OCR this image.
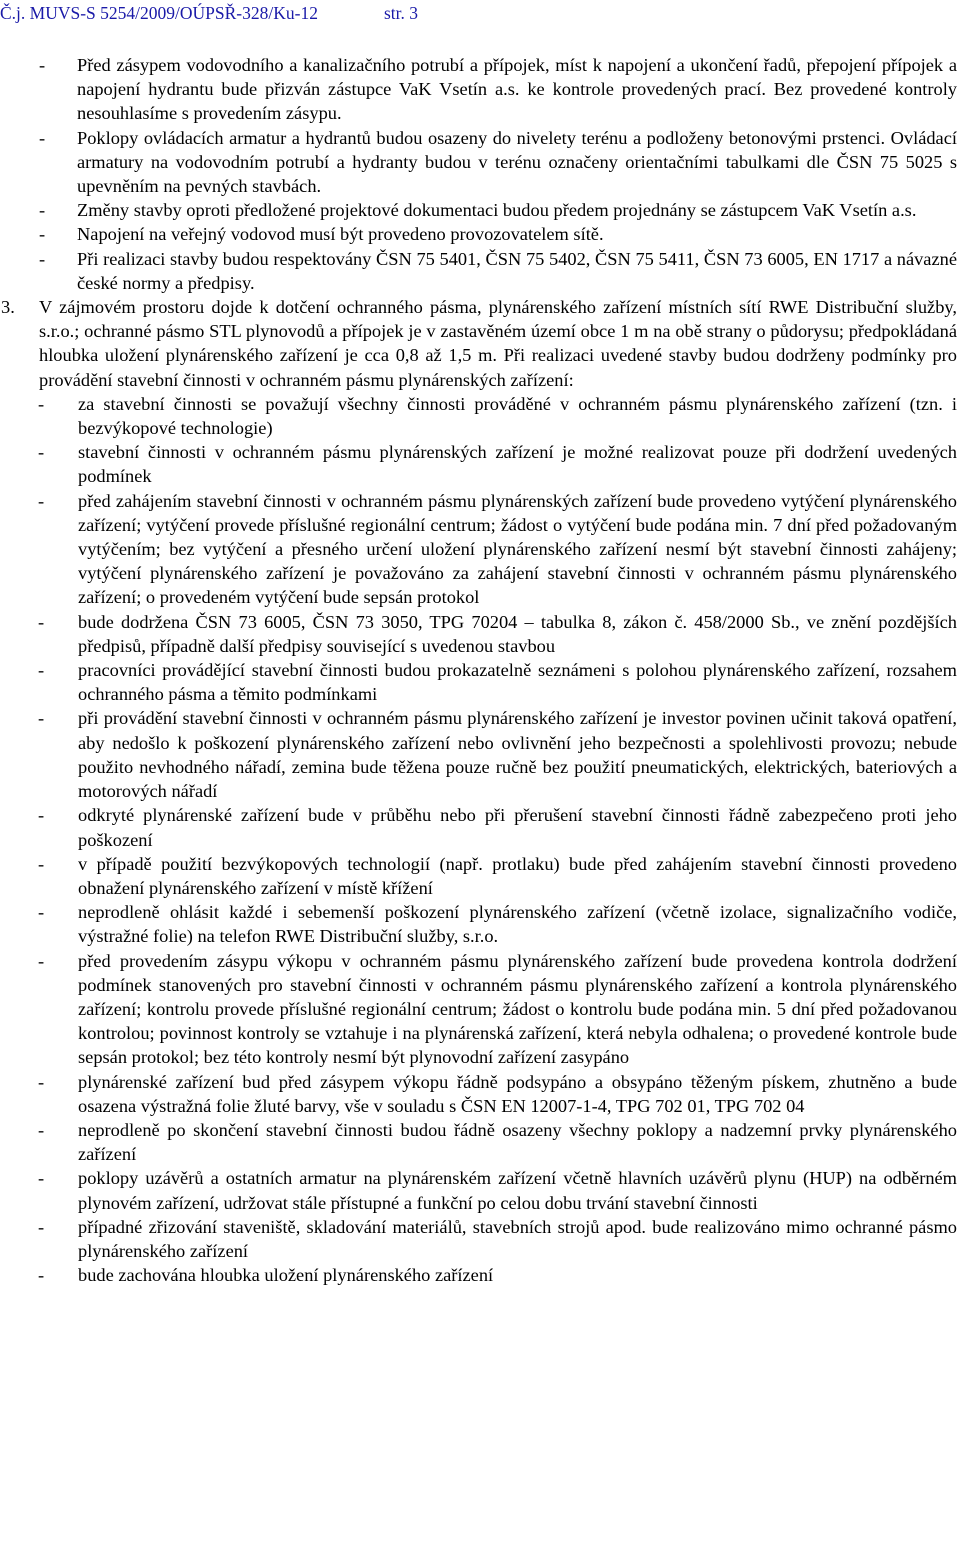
Č.j. MUVS-S 5254/2009/OÚPSŘ-328/Ku-12	str. 3
- Před zásypem vodovodního a kanalizačního potrubí a přípojek, míst k napojení a ukončení řadů, přepojení přípojek a napojení hydrantu bude přizván zástupce VaK Vsetín a.s. ke kontrole provedených prací. Bez provedené kontroly nesouhlasíme s provedením zásypu.
- Poklopy ovládacích armatur a hydrantů budou osazeny do nivelety terénu a podloženy betonovými prstenci. Ovládací armatury na vodovodním potrubí a hydranty budou v terénu označeny orientačními tabulkami dle ČSN 75 5025 s upevněním na pevných stavbách.
- Změny stavby oproti předložené projektové dokumentaci budou předem projednány se zástupcem VaK Vsetín a.s.
- Napojení na veřejný vodovod musí být provedeno provozovatelem sítě.
- Při realizaci stavby budou respektovány ČSN 75 5401, ČSN 75 5402, ČSN 75 5411, ČSN 73 6005, EN 1717 a návazné české normy a předpisy.
3. V zájmovém prostoru dojde k dotčení ochranného pásma, plynárenského zařízení místních sítí RWE Distribuční služby, s.r.o.; ochranné pásmo STL plynovodů a přípojek je v zastavěném území obce 1 m na obě strany o půdorysu; předpokládaná hloubka uložení plynárenského zařízení je cca 0,8 až 1,5 m. Při realizaci uvedené stavby budou dodrženy podmínky pro provádění stavební činnosti v ochranném pásmu plynárenských zařízení:
- za stavební činnosti se považují všechny činnosti prováděné v ochranném pásmu plynárenského zařízení (tzn. i bezvýkopové technologie)
- stavební činnosti v ochranném pásmu plynárenských zařízení je možné realizovat pouze při dodržení uvedených podmínek
- před zahájením stavební činnosti v ochranném pásmu plynárenských zařízení bude provedeno vytýčení plynárenského zařízení; vytýčení provede příslušné regionální centrum; žádost o vytýčení bude podána min. 7 dní před požadovaným vytýčením; bez vytýčení a přesného určení uložení plynárenského zařízení nesmí být stavební činnosti zahájeny; vytýčení plynárenského zařízení je považováno za zahájení stavební činnosti v ochranném pásmu plynárenského zařízení; o provedeném vytýčení bude sepsán protokol
- bude dodržena ČSN 73 6005, ČSN 73 3050, TPG 70204 – tabulka 8, zákon č. 458/2000 Sb., ve znění pozdějších předpisů, případně další předpisy související s uvedenou stavbou
- pracovníci provádějící stavební činnosti budou prokazatelně seznámeni s polohou plynárenského zařízení, rozsahem ochranného pásma a těmito podmínkami
- při provádění stavební činnosti v ochranném pásmu plynárenského zařízení je investor povinen učinit taková opatření, aby nedošlo k poškození plynárenského zařízení nebo ovlivnění jeho bezpečnosti a spolehlivosti provozu; nebude použito nevhodného nářadí, zemina bude těžena pouze ručně bez použití pneumatických, elektrických, bateriových a motorových nářadí
- odkryté plynárenské zařízení bude v průběhu nebo při přerušení stavební činnosti řádně zabezpečeno proti jeho poškození
- v případě použití bezvýkopových technologií (např. protlaku) bude před zahájením stavební činnosti provedeno obnažení plynárenského zařízení v místě křížení
- neprodleně ohlásit každé i sebemenší poškození plynárenského zařízení (včetně izolace, signalizačního vodiče, výstražné folie) na telefon RWE Distribuční služby, s.r.o.
- před provedením zásypu výkopu v ochranném pásmu plynárenského zařízení bude provedena kontrola dodržení podmínek stanovených pro stavební činnosti v ochranném pásmu plynárenského zařízení a kontrola plynárenského zařízení; kontrolu provede příslušné regionální centrum; žádost o kontrolu bude podána min. 5 dní před požadovanou kontrolou; povinnost kontroly se vztahuje i na plynárenská zařízení, která nebyla odhalena; o provedené kontrole bude sepsán protokol; bez této kontroly nesmí být plynovodní zařízení zasypáno
- plynárenské zařízení bud před zásypem výkopu řádně podsypáno a obsypáno těženým pískem, zhutněno a bude osazena výstražná folie žluté barvy, vše v souladu s ČSN EN 12007-1-4, TPG 702 01, TPG 702 04
- neprodleně po skončení stavební činnosti budou řádně osazeny všechny poklopy a nadzemní prvky plynárenského zařízení
- poklopy uzávěrů a ostatních armatur na plynárenském zařízení včetně hlavních uzávěrů plynu (HUP) na odběrném plynovém zařízení, udržovat stále přístupné a funkční po celou dobu trvání stavební činnosti
- případné zřizování staveniště, skladování materiálů, stavebních strojů apod. bude realizováno mimo ochranné pásmo plynárenského zařízení
- bude zachována hloubka uložení plynárenského zařízení
